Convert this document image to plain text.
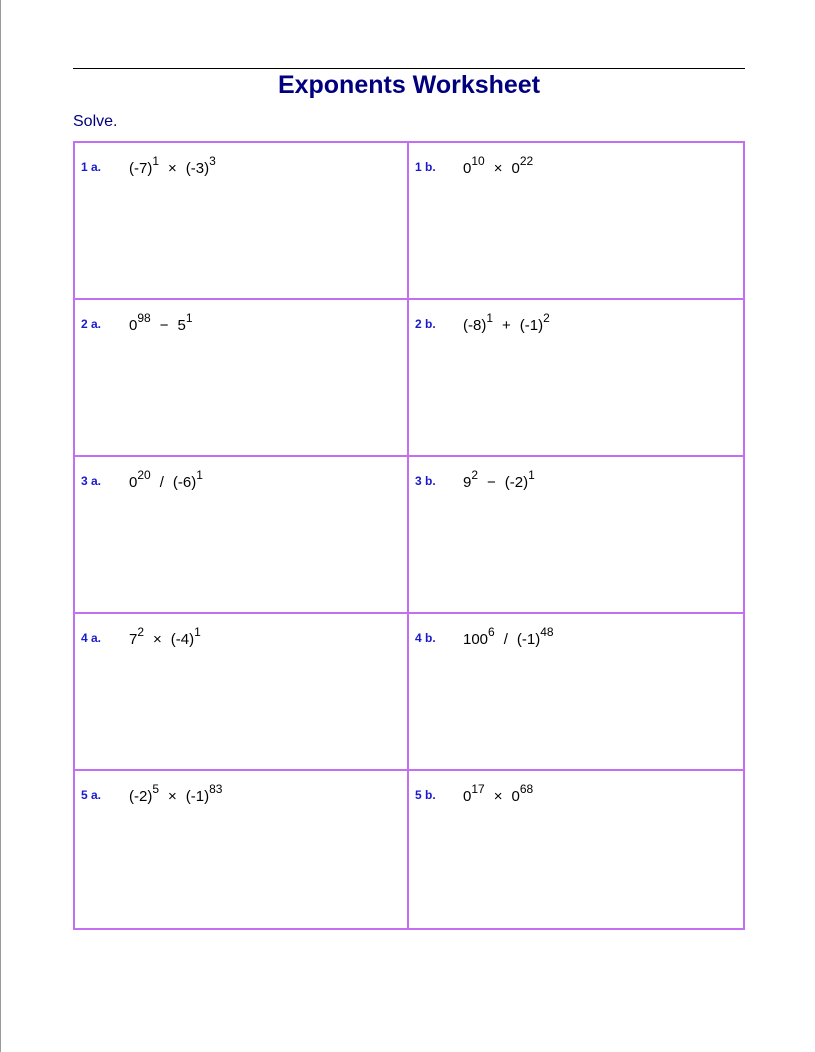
Exponents Worksheet
Solve.
1 a. $(-7)^1 \times (-3)^3$	1 b. $0^{10} \times 0^{22}$
2 a. $0^{98} - 5^1$	2 b. $(-8)^1 + (-1)^2$
3 a. $0^{20} / (-6)^1$	3 b. $9^2 - (-2)^1$
4 a. $7^2 \times (-4)^1$	4 b. $100^6 / (-1)^{48}$
5 a. $(-2)^5 \times (-1)^{83}$	5 b. $0^{17} \times 0^{68}$
